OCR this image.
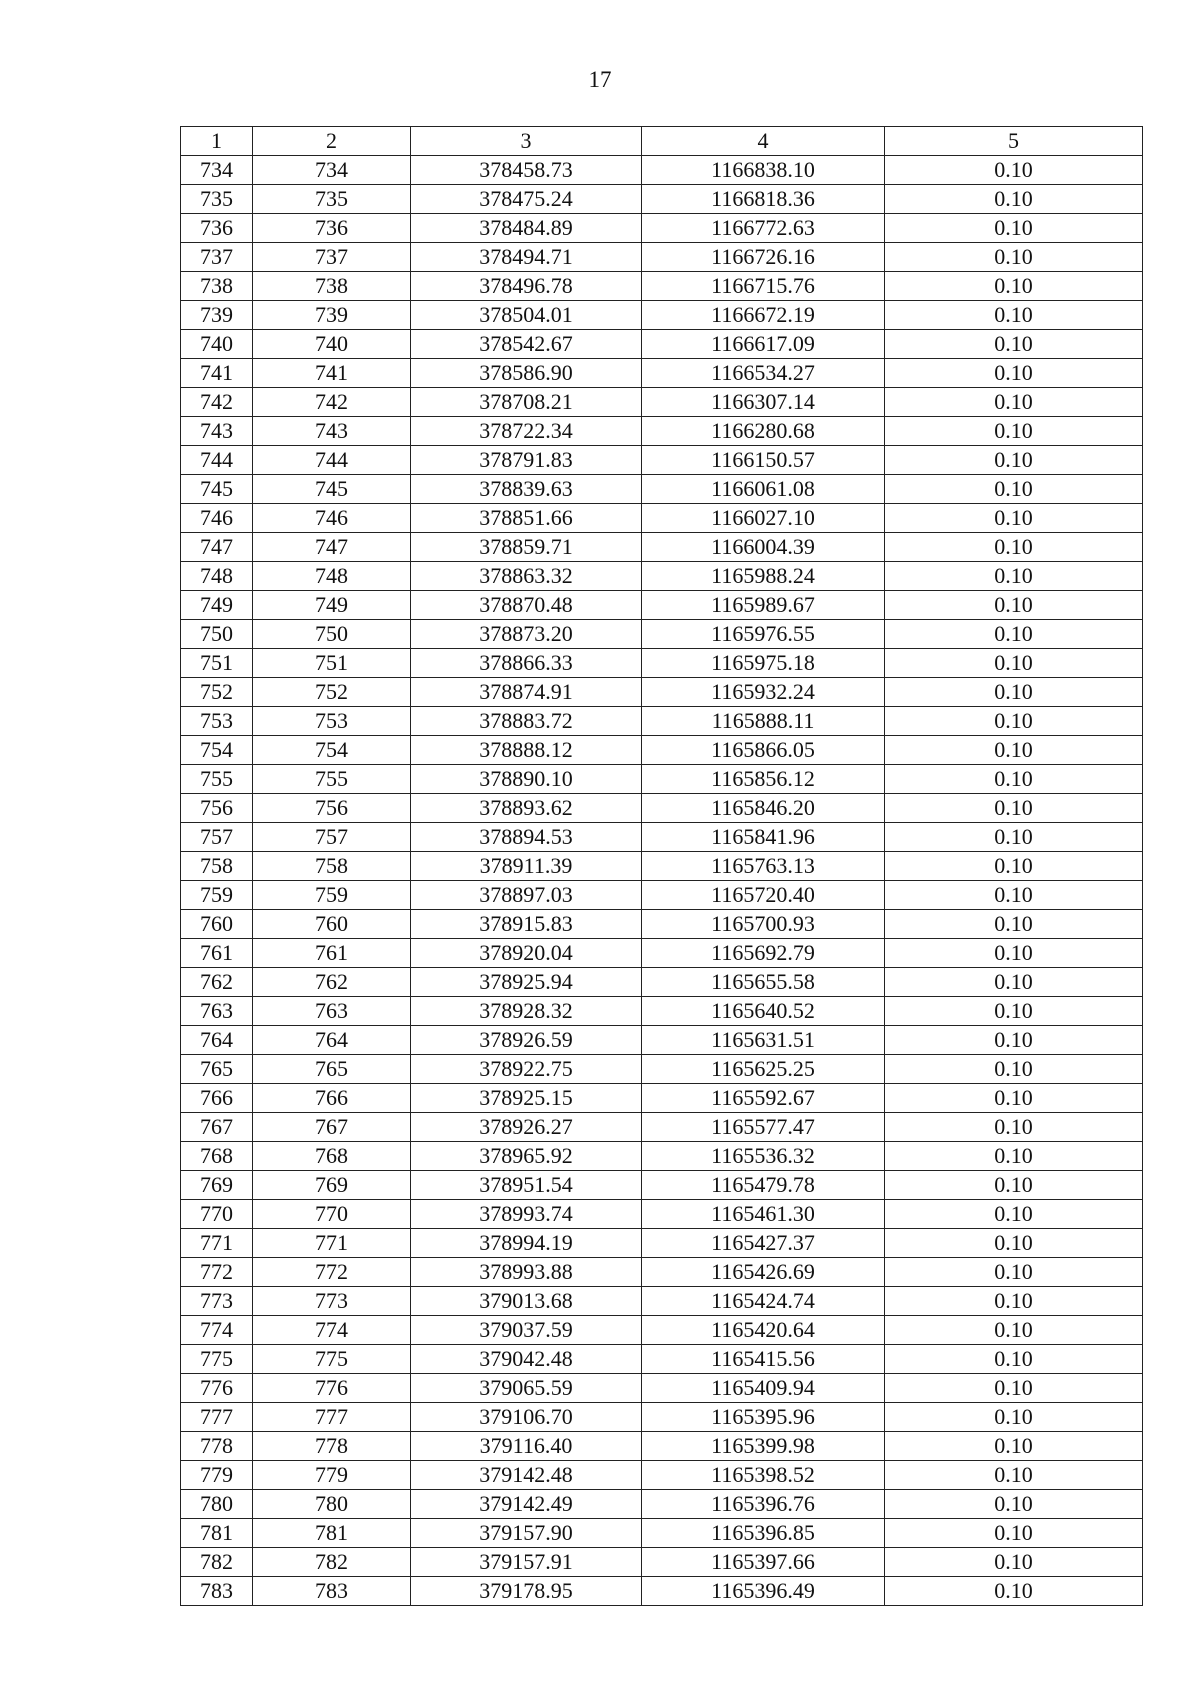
17
1	2	3	4	5
734	734	378458.73	1166838.10	0.10
735	735	378475.24	1166818.36	0.10
736	736	378484.89	1166772.63	0.10
737	737	378494.71	1166726.16	0.10
738	738	378496.78	1166715.76	0.10
739	739	378504.01	1166672.19	0.10
740	740	378542.67	1166617.09	0.10
741	741	378586.90	1166534.27	0.10
742	742	378708.21	1166307.14	0.10
743	743	378722.34	1166280.68	0.10
744	744	378791.83	1166150.57	0.10
745	745	378839.63	1166061.08	0.10
746	746	378851.66	1166027.10	0.10
747	747	378859.71	1166004.39	0.10
748	748	378863.32	1165988.24	0.10
749	749	378870.48	1165989.67	0.10
750	750	378873.20	1165976.55	0.10
751	751	378866.33	1165975.18	0.10
752	752	378874.91	1165932.24	0.10
753	753	378883.72	1165888.11	0.10
754	754	378888.12	1165866.05	0.10
755	755	378890.10	1165856.12	0.10
756	756	378893.62	1165846.20	0.10
757	757	378894.53	1165841.96	0.10
758	758	378911.39	1165763.13	0.10
759	759	378897.03	1165720.40	0.10
760	760	378915.83	1165700.93	0.10
761	761	378920.04	1165692.79	0.10
762	762	378925.94	1165655.58	0.10
763	763	378928.32	1165640.52	0.10
764	764	378926.59	1165631.51	0.10
765	765	378922.75	1165625.25	0.10
766	766	378925.15	1165592.67	0.10
767	767	378926.27	1165577.47	0.10
768	768	378965.92	1165536.32	0.10
769	769	378951.54	1165479.78	0.10
770	770	378993.74	1165461.30	0.10
771	771	378994.19	1165427.37	0.10
772	772	378993.88	1165426.69	0.10
773	773	379013.68	1165424.74	0.10
774	774	379037.59	1165420.64	0.10
775	775	379042.48	1165415.56	0.10
776	776	379065.59	1165409.94	0.10
777	777	379106.70	1165395.96	0.10
778	778	379116.40	1165399.98	0.10
779	779	379142.48	1165398.52	0.10
780	780	379142.49	1165396.76	0.10
781	781	379157.90	1165396.85	0.10
782	782	379157.91	1165397.66	0.10
783	783	379178.95	1165396.49	0.10
